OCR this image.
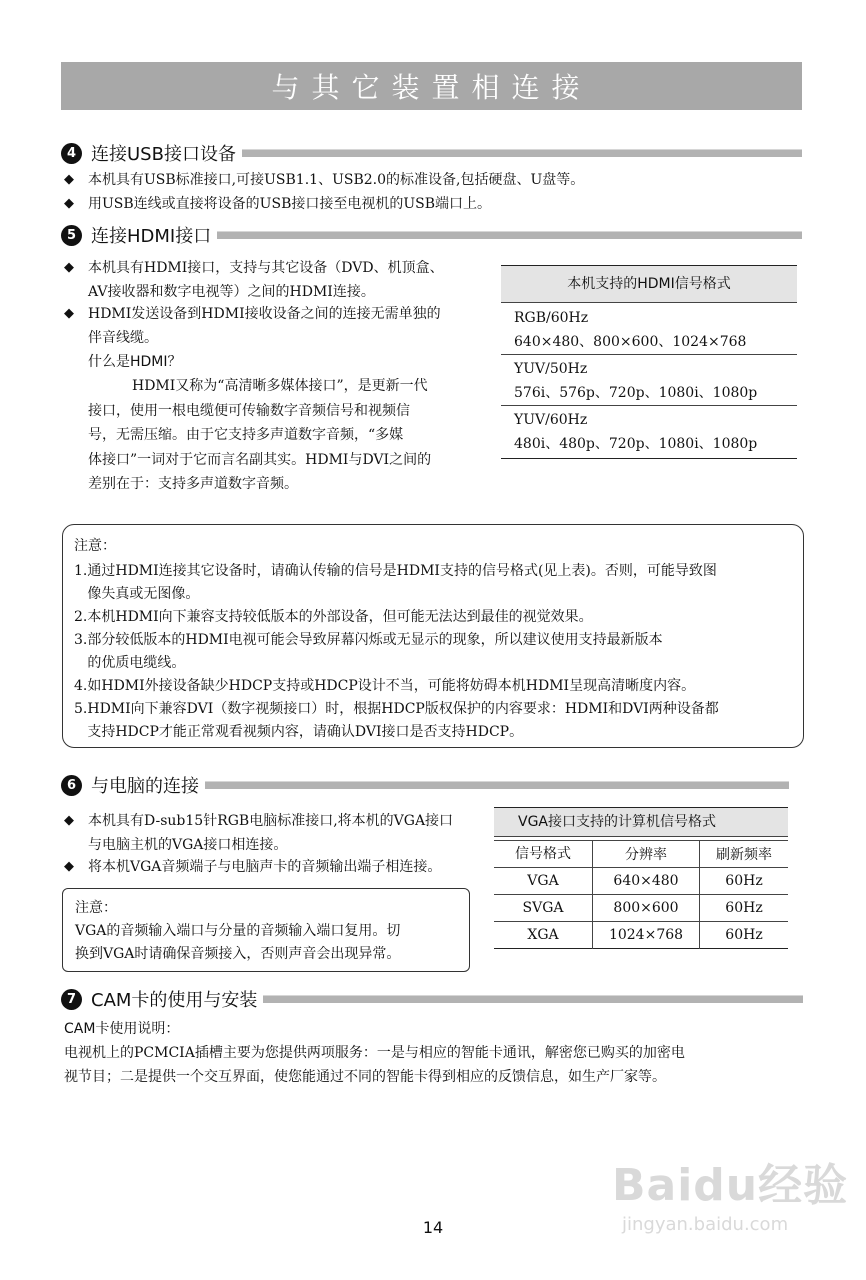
与其它装置相连接
4 连接USB接口设备
◆ 本机具有USB标准接口,可接USB1.1、USB2.0的标准设备,包括硬盘、U盘等。
◆ 用USB连线或直接将设备的USB接口接至电视机的USB端口上。
5 连接HDMI接口
◆ 本机具有HDMI接口，支持与其它设备（DVD、机顶盒、
AV接收器和数字电视等）之间的HDMI连接。
◆ HDMI发送设备到HDMI接收设备之间的连接无需单独的
伴音线缆。
什么是HDMI？
HDMI又称为“高清晰多媒体接口”，是更新一代
接口，使用一根电缆便可传输数字音频信号和视频信
号，无需压缩。由于它支持多声道数字音频，“多媒
体接口”一词对于它而言名副其实。HDMI与DVI之间的
差别在于：支持多声道数字音频。
本机支持的HDMI信号格式
RGB/60Hz
640×480、800×600、1024×768
YUV/50Hz
576i、576p、720p、1080i、1080p
YUV/60Hz
480i、480p、720p、1080i、1080p
注意：
1.通过HDMI连接其它设备时，请确认传输的信号是HDMI支持的信号格式(见上表)。否则，可能导致图
像失真或无图像。
2.本机HDMI向下兼容支持较低版本的外部设备，但可能无法达到最佳的视觉效果。
3.部分较低版本的HDMI电视可能会导致屏幕闪烁或无显示的现象，所以建议使用支持最新版本
的优质电缆线。
4.如HDMI外接设备缺少HDCP支持或HDCP设计不当，可能将妨碍本机HDMI呈现高清晰度内容。
5.HDMI向下兼容DVI（数字视频接口）时，根据HDCP版权保护的内容要求：HDMI和DVI两种设备都
支持HDCP才能正常观看视频内容，请确认DVI接口是否支持HDCP。
6 与电脑的连接
◆ 本机具有D-sub15针RGB电脑标准接口,将本机的VGA接口
与电脑主机的VGA接口相连接。
◆ 将本机VGA音频端子与电脑声卡的音频输出端子相连接。
注意：
VGA的音频输入端口与分量的音频输入端口复用。切
换到VGA时请确保音频接入，否则声音会出现异常。
VGA接口支持的计算机信号格式
信号格式	分辨率	刷新频率
VGA	640×480	60Hz
SVGA	800×600	60Hz
XGA	1024×768	60Hz
7 CAM卡的使用与安装
CAM卡使用说明：
电视机上的PCMCIA插槽主要为您提供两项服务：一是与相应的智能卡通讯，解密您已购买的加密电
视节目；二是提供一个交互界面，使您能通过不同的智能卡得到相应的反馈信息，如生产厂家等。
Baidu经验
jingyan.baidu.com
14
